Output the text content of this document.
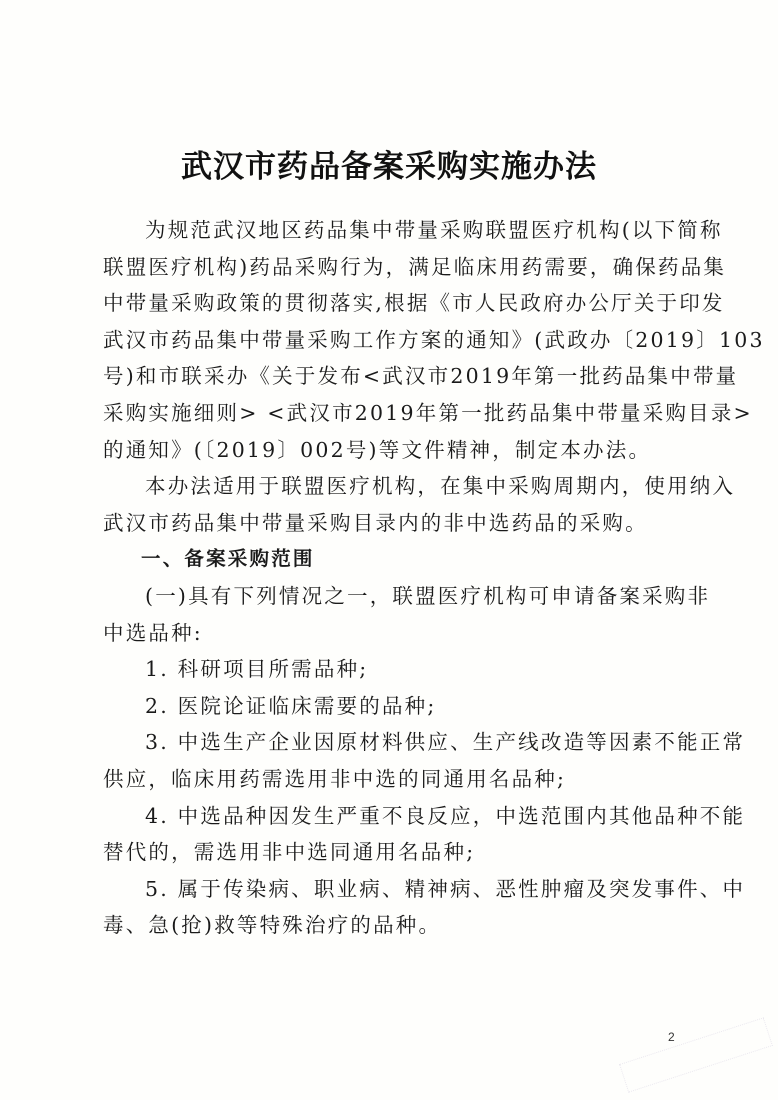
武汉市药品备案采购实施办法
为规范武汉地区药品集中带量采购联盟医疗机构(以下简称
联盟医疗机构)药品采购行为，满足临床用药需要，确保药品集
中带量采购政策的贯彻落实,根据《市人民政府办公厅关于印发
武汉市药品集中带量采购工作方案的通知》(武政办〔2019〕103
号)和市联采办《关于发布<武汉市2019年第一批药品集中带量
采购实施细则> <武汉市2019年第一批药品集中带量采购目录>
的通知》(〔2019〕002号)等文件精神，制定本办法。
本办法适用于联盟医疗机构，在集中采购周期内，使用纳入
武汉市药品集中带量采购目录内的非中选药品的采购。
一、备案采购范围
(一)具有下列情况之一，联盟医疗机构可申请备案采购非
中选品种:
1. 科研项目所需品种;
2. 医院论证临床需要的品种;
3. 中选生产企业因原材料供应、生产线改造等因素不能正常
供应，临床用药需选用非中选的同通用名品种;
4. 中选品种因发生严重不良反应，中选范围内其他品种不能
替代的，需选用非中选同通用名品种;
5. 属于传染病、职业病、精神病、恶性肿瘤及突发事件、中
毒、急(抢)救等特殊治疗的品种。
2
